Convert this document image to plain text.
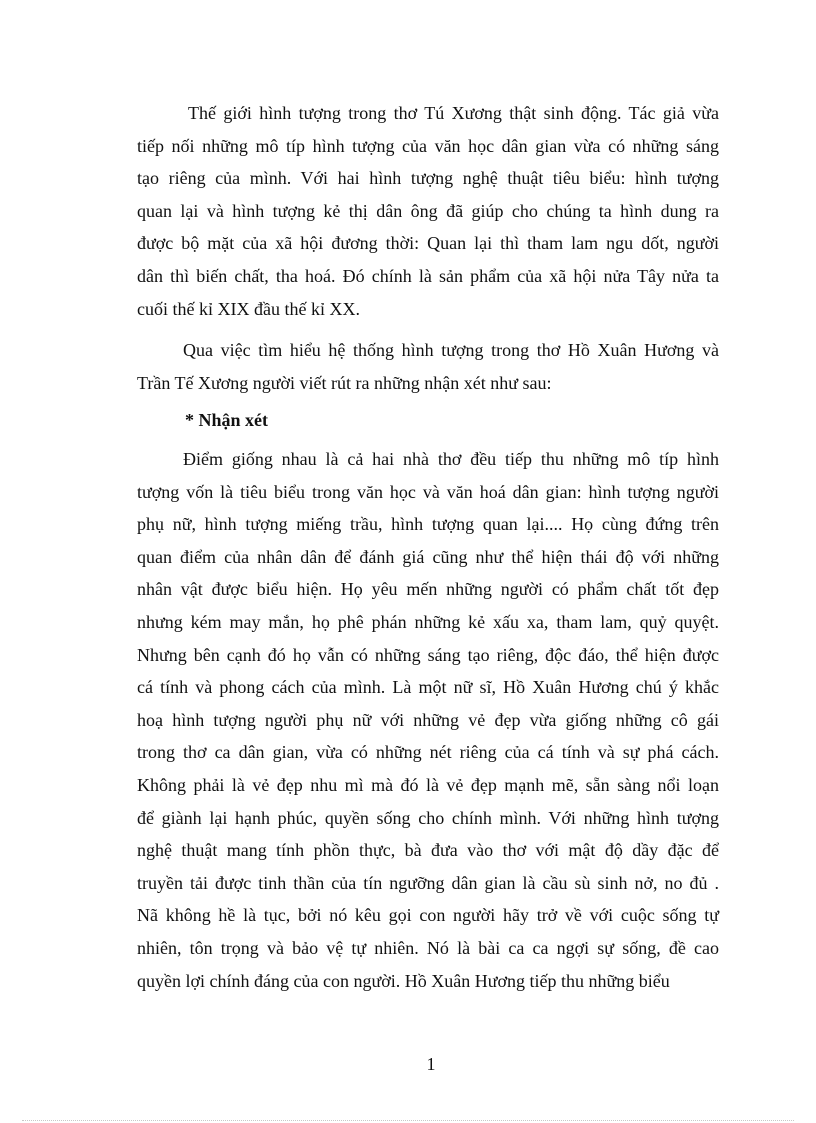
Thế giới hình tượng trong thơ Tú Xương thật sinh động. Tác giả vừa
tiếp nối những mô típ hình tượng của văn học dân gian vừa có những sáng
tạo riêng của mình. Với hai hình tượng nghệ thuật tiêu biểu: hình tượng
quan lại và hình tượng kẻ thị dân ông đã giúp cho chúng ta hình dung ra
được bộ mặt của xã hội đương thời: Quan lại thì tham lam ngu dốt, người
dân thì biến chất, tha hoá. Đó chính là sản phẩm của xã hội nửa Tây nửa ta
cuối thế kỉ XIX đầu thế kỉ XX.
Qua việc tìm hiểu hệ thống hình tượng trong thơ Hồ Xuân Hương và
Trần Tế Xương người viết rút ra những nhận xét như sau:

* Nhận xét

Điểm giống nhau là cả hai nhà thơ đều tiếp thu những mô típ hình
tượng vốn là tiêu biểu trong văn học và văn hoá dân gian: hình tượng người
phụ nữ, hình tượng miếng trầu, hình tượng quan lại.... Họ cùng đứng trên
quan điểm của nhân dân để đánh giá cũng như thể hiện thái độ với những
nhân vật được biểu hiện. Họ yêu mến những người có phẩm chất tốt đẹp
nhưng kém may mắn, họ phê phán những kẻ xấu xa, tham lam, quỷ quyệt.
Nhưng bên cạnh đó họ vẫn có những sáng tạo riêng, độc đáo, thể hiện được
cá tính và phong cách của mình. Là một nữ sĩ, Hồ Xuân Hương chú ý khắc
hoạ hình tượng người phụ nữ với những vẻ đẹp vừa giống những cô gái
trong thơ ca dân gian, vừa có những nét riêng của cá tính và sự phá cách.
Không phải là vẻ đẹp nhu mì mà đó là vẻ đẹp mạnh mẽ, sẵn sàng nổi loạn
để giành lại hạnh phúc, quyền sống cho chính mình. Với những hình tượng
nghệ thuật mang tính phồn thực, bà đưa vào thơ với mật độ dầy đặc để
truyền tải được tinh thần của tín ngưỡng dân gian là cầu sù sinh nở, no đủ .
Nã không hề là tục, bởi nó kêu gọi con người hãy trở về với cuộc sống tự
nhiên, tôn trọng và bảo vệ tự nhiên. Nó là bài ca ca ngợi sự sống, đề cao
quyền lợi chính đáng của con người. Hồ Xuân Hương tiếp thu những biểu
1
